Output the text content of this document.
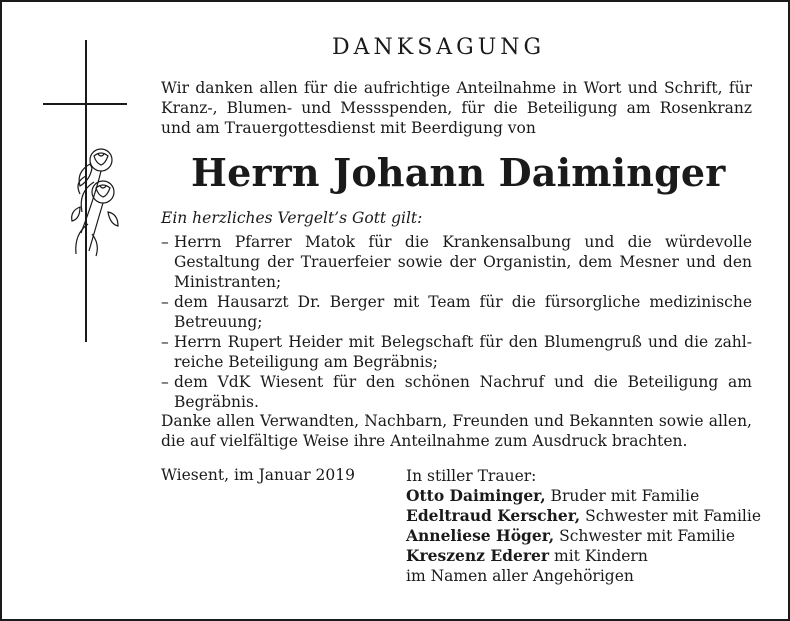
DANKSAGUNG
Wir danken allen für die aufrichtige Anteilnahme in Wort und Schrift, für Kranz-, Blumen- und Messspenden, für die Beteiligung am Rosenkranz und am Trauergottesdienst mit Beerdigung von
Herrn Johann Daiminger
Ein herzliches Vergelt’s Gott gilt:
– Herrn Pfarrer Matok für die Krankensalbung und die würdevolle Gestaltung der Trauerfeier sowie der Organistin, dem Mesner und den Ministranten;
– dem Hausarzt Dr. Berger mit Team für die fürsorgliche medizinische Betreuung;
– Herrn Rupert Heider mit Belegschaft für den Blumengruß und die zahl- reiche Beteiligung am Begräbnis;
– dem VdK Wiesent für den schönen Nachruf und die Beteiligung am Begräbnis.
Danke allen Verwandten, Nachbarn, Freunden und Bekannten sowie allen, die auf vielfältige Weise ihre Anteilnahme zum Ausdruck brachten.
Wiesent, im Januar 2019	In stiller Trauer:
Otto Daiminger, Bruder mit Familie
Edeltraud Kerscher, Schwester mit Familie
Anneliese Höger, Schwester mit Familie
Kreszenz Ederer mit Kindern
im Namen aller Angehörigen
